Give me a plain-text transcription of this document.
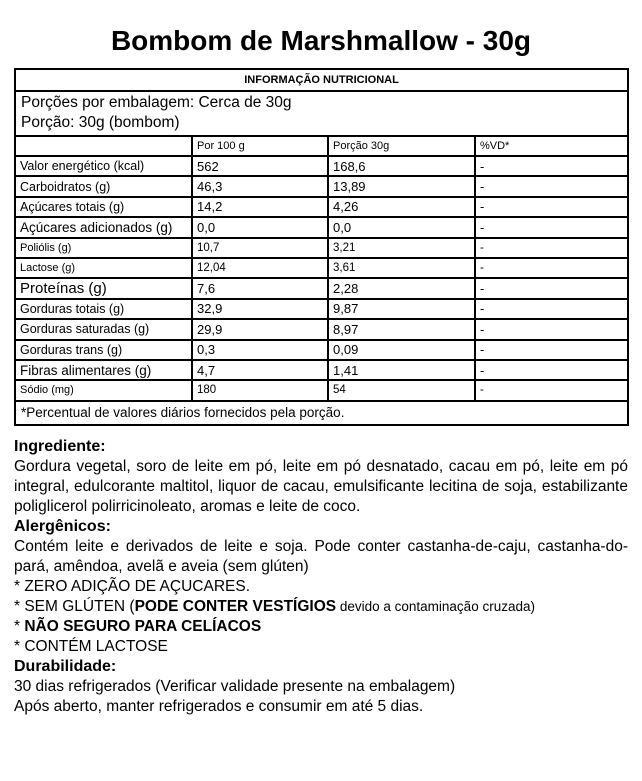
Bombom de Marshmallow - 30g
INFORMAÇÃO NUTRICIONAL			

Porções por embalagem: Cerca de 30g
Porção: 30g (bombom)			

	Por 100 g	Porção 30g	%VD*
Valor energético (kcal)	562	168,6	-
Carboidratos (g)	46,3	13,89	-
Açúcares totais (g)	14,2	4,26	-
Açúcares adicionados (g)	0,0	0,0	-
Poliólis (g)	10,7	3,21	-
Lactose (g)	12,04	3,61	-
Proteínas (g)	7,6	2,28	-
Gorduras totais (g)	32,9	9,87	-
Gorduras saturadas (g)	29,9	8,97	-
Gorduras trans (g)	0,3	0,09	-
Fibras alimentares (g)	4,7	1,41	-
Sódio (mg)	180	54	-
*Percentual de valores diários fornecidos pela porção.			
Ingrediente:
Gordura vegetal, soro de leite em pó, leite em pó desnatado, cacau em pó, leite em pó integral, edulcorante maltitol, liquor de cacau, emulsificante lecitina de soja, estabilizante poliglicerol polirricinoleato, aromas e leite de coco.
Alergênicos:
Contém leite e derivados de leite e soja. Pode conter castanha-de-caju, castanha-do-pará, amêndoa, avelã e aveia (sem glúten)
* ZERO ADIÇÃO DE AÇUCARES.
* SEM GLÚTEN (PODE CONTER VESTÍGIOS devido a contaminação cruzada)
* NÃO SEGURO PARA CELÍACOS
* CONTÉM LACTOSE
Durabilidade:
30 dias refrigerados (Verificar validade presente na embalagem)
Após aberto, manter refrigerados e consumir em até 5 dias.
